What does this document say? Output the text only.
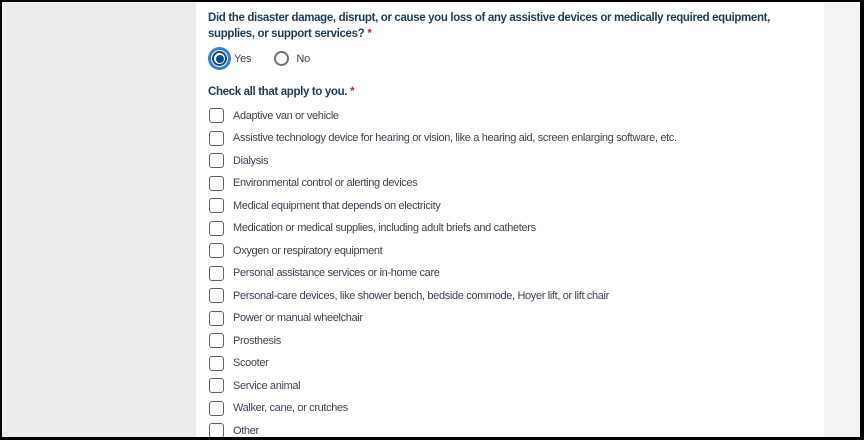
Did the disaster damage, disrupt, or cause you loss of any assistive devices or medically required equipment, supplies, or support services? *
Yes	No
Check all that apply to you. *
Adaptive van or vehicle
Assistive technology device for hearing or vision, like a hearing aid, screen enlarging software, etc.
Dialysis
Environmental control or alerting devices
Medical equipment that depends on electricity
Medication or medical supplies, including adult briefs and catheters
Oxygen or respiratory equipment
Personal assistance services or in-home care
Personal-care devices, like shower bench, bedside commode, Hoyer lift, or lift chair
Power or manual wheelchair
Prosthesis
Scooter
Service animal
Walker, cane, or crutches
Other
